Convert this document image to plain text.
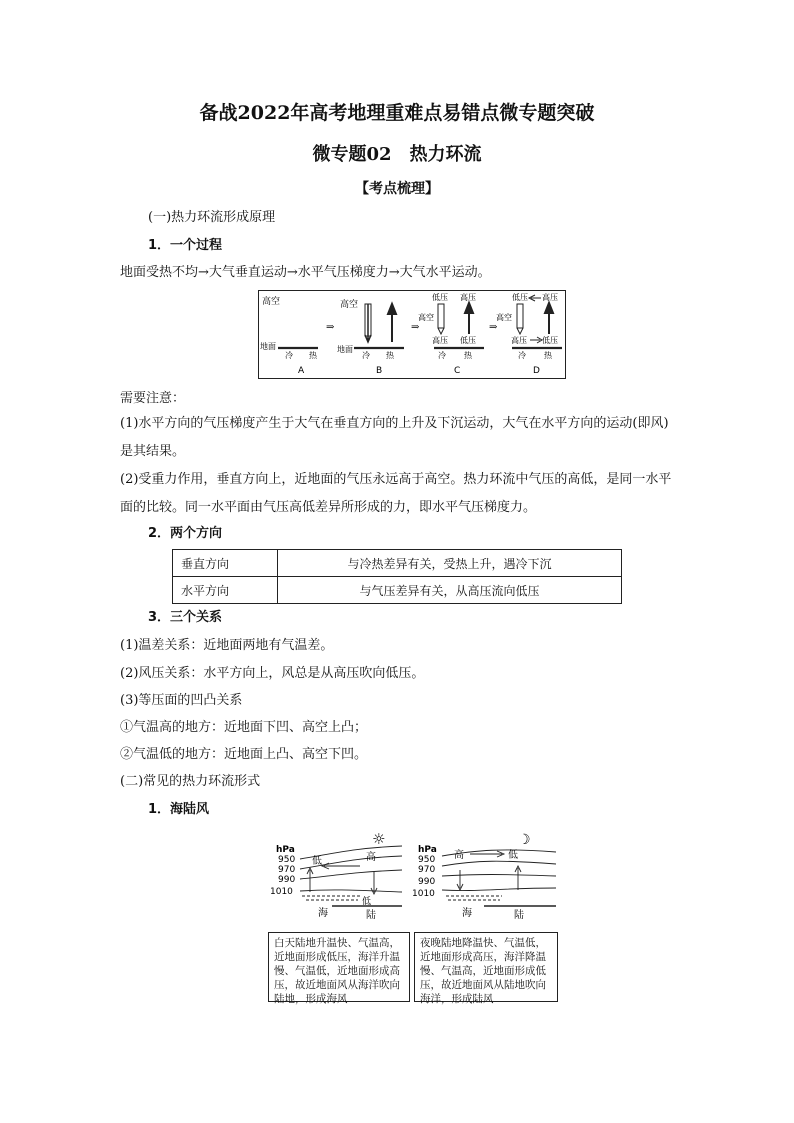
备战2022年高考地理重难点易错点微专题突破
微专题02　热力环流
【考点梳理】
(一)热力环流形成原理
1．一个过程
地面受热不均→大气垂直运动→水平气压梯度力→大气水平运动。
高空
地面
冷 热
A
⇒
高空
地面
冷 热
B
⇒
高空
低压 高压
高压 低压
冷 热
C
⇒
高空
低压 高压
高压 低压
冷 热
D
需要注意：
(1)水平方向的气压梯度产生于大气在垂直方向的上升及下沉运动，大气在水平方向的运动(即风)是其结果。
(2)受重力作用，垂直方向上，近地面的气压永远高于高空。热力环流中气压的高低，是同一水平面的比较。同一水平面由气压高低差异所形成的力，即水平气压梯度力。
2．两个方向
垂直方向	与冷热差异有关，受热上升，遇冷下沉
水平方向	与气压差异有关，从高压流向低压
3．三个关系
(1)温差关系：近地面两地有气温差。
(2)风压关系：水平方向上，风总是从高压吹向低压。
(3)等压面的凹凸关系
①气温高的地方：近地面下凹、高空上凸；
②气温低的地方：近地面上凸、高空下凹。
(二)常见的热力环流形式
1．海陆风
hPa
950
970
990
1010
☼
低	高
低
海	陆
hPa
950
970
990
1010
☽
高	低
海	陆
白天陆地升温快、气温高，近地面形成低压，海洋升温慢、气温低，近地面形成高压，故近地面风从海洋吹向陆地，形成海风
夜晚陆地降温快、气温低，近地面形成高压，海洋降温慢、气温高，近地面形成低压，故近地面风从陆地吹向海洋，形成陆风
